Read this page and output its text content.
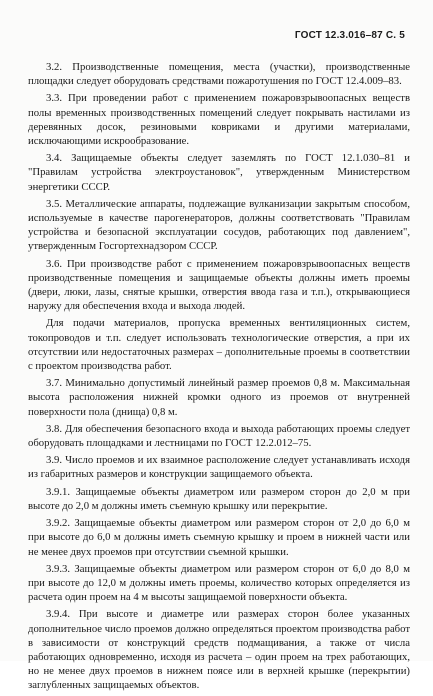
ГОСТ 12.3.016–87 С. 5

3.2. Производственные помещения, места (участки), производственные площадки следует оборудовать средствами пожаротушения по ГОСТ 12.4.009–83.

3.3. При проведении работ с применением пожаровзрывоопасных веществ полы временных производственных помещений следует покрывать настилами из деревянных досок, резиновыми ковриками и другими материалами, исключающими искрообразование.

3.4. Защищаемые объекты следует заземлять по ГОСТ 12.1.030–81 и "Правилам устройства электроустановок", утвержденным Министерством энергетики СССР.

3.5. Металлические аппараты, подлежащие вулканизации закрытым способом, используемые в качестве парогенераторов, должны соответствовать "Правилам устройства и безопасной эксплуатации сосудов, работающих под давлением", утвержденным Госгортехнадзором СССР.

3.6. При производстве работ с применением пожаровзрывоопасных веществ производственные помещения и защищаемые объекты должны иметь проемы (двери, люки, лазы, снятые крышки, отверстия ввода газа и т.п.), открывающиеся наружу для обеспечения входа и выхода людей.

Для подачи материалов, пропуска временных вентиляционных систем, токопроводов и т.п. следует использовать технологические отверстия, а при их отсутствии или недостаточных размерах – дополнительные проемы в соответствии с проектом производства работ.

3.7. Минимально допустимый линейный размер проемов 0,8 м. Максимальная высота расположения нижней кромки одного из проемов от внутренней поверхности пола (днища) 0,8 м.

3.8. Для обеспечения безопасного входа и выхода работающих проемы следует оборудовать площадками и лестницами по ГОСТ 12.2.012–75.

3.9. Число проемов и их взаимное расположение следует устанавливать исходя из габаритных размеров и конструкции защищаемого объекта.

3.9.1. Защищаемые объекты диаметром или размером сторон до 2,0 м при высоте до 2,0 м должны иметь съемную крышку или перекрытие.

3.9.2. Защищаемые объекты диаметром или размером сторон от 2,0 до 6,0 м при высоте до 6,0 м должны иметь съемную крышку и проем в нижней части или не менее двух проемов при отсутствии съемной крышки.

3.9.3. Защищаемые объекты диаметром или размером сторон от 6,0 до 8,0 м при высоте до 12,0 м должны иметь проемы, количество которых определяется из расчета один проем на 4 м высоты защищаемой поверхности объекта.

3.9.4. При высоте и диаметре или размерах сторон более указанных дополнительное число проемов должно определяться проектом производства работ в зависимости от конструкций средств подмащивания, а также от числа работающих одновременно, исходя из расчета – один проем на трех работающих, но не менее двух проемов в нижнем поясе или в верхней крышке (перекрытии) заглубленных защищаемых объектов.
